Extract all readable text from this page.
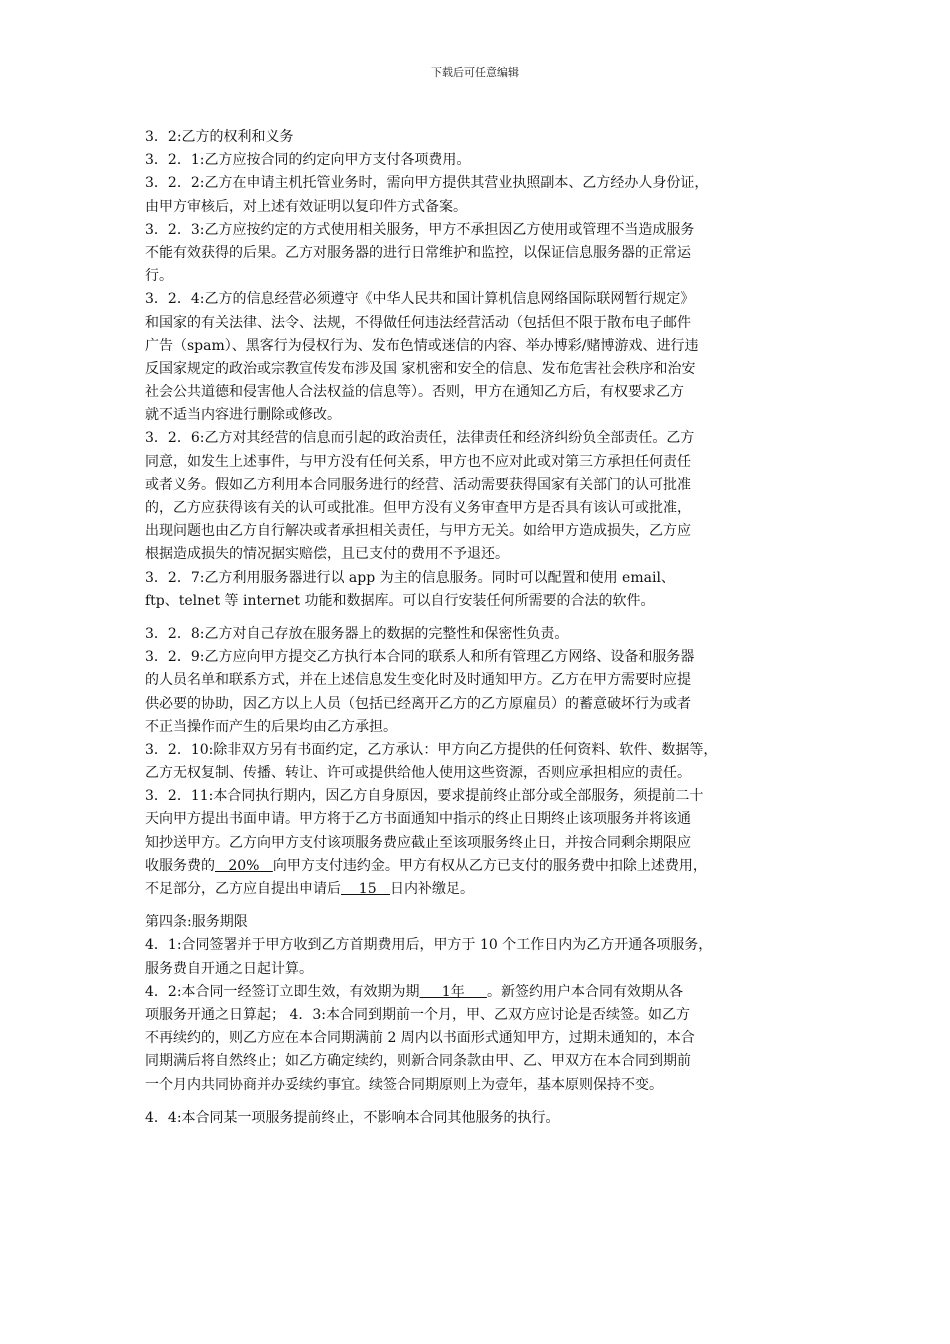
下载后可任意编辑
3．2:乙方的权利和义务
3．2．1:乙方应按合同的约定向甲方支付各项费用。
3．2．2:乙方在申请主机托管业务时，需向甲方提供其营业执照副本、乙方经办人身份证，
由甲方审核后，对上述有效证明以复印件方式备案。
3．2．3:乙方应按约定的方式使用相关服务，甲方不承担因乙方使用或管理不当造成服务
不能有效获得的后果。乙方对服务器的进行日常维护和监控，以保证信息服务器的正常运
行。
3．2．4:乙方的信息经营必须遵守《中华人民共和国计算机信息网络国际联网暂行规定》
和国家的有关法律、法令、法规，不得做任何违法经营活动（包括但不限于散布电子邮件
广告（spam）、黑客行为侵权行为、发布色情或迷信的内容、举办博彩/赌博游戏、进行违
反国家规定的政治或宗教宣传发布涉及国 家机密和安全的信息、发布危害社会秩序和治安
社会公共道德和侵害他人合法权益的信息等）。否则，甲方在通知乙方后，有权要求乙方
就不适当内容进行删除或修改。
3．2．6:乙方对其经营的信息而引起的政治责任，法律责任和经济纠纷负全部责任。乙方
同意，如发生上述事件，与甲方没有任何关系，甲方也不应对此或对第三方承担任何责任
或者义务。假如乙方利用本合同服务进行的经营、活动需要获得国家有关部门的认可批准
的，乙方应获得该有关的认可或批准。但甲方没有义务审查甲方是否具有该认可或批准，
出现问题也由乙方自行解决或者承担相关责任，与甲方无关。如给甲方造成损失，乙方应
根据造成损失的情况据实赔偿，且已支付的费用不予退还。
3．2．7:乙方利用服务器进行以 app 为主的信息服务。同时可以配置和使用 email、
ftp、telnet 等 internet 功能和数据库。可以自行安装任何所需要的合法的软件。
3．2．8:乙方对自己存放在服务器上的数据的完整性和保密性负责。
3．2．9:乙方应向甲方提交乙方执行本合同的联系人和所有管理乙方网络、设备和服务器
的人员名单和联系方式，并在上述信息发生变化时及时通知甲方。乙方在甲方需要时应提
供必要的协助，因乙方以上人员（包括已经离开乙方的乙方原雇员）的蓄意破坏行为或者
不正当操作而产生的后果均由乙方承担。
3．2．10:除非双方另有书面约定，乙方承认：甲方向乙方提供的任何资料、软件、数据等，
乙方无权复制、传播、转让、许可或提供给他人使用这些资源，否则应承担相应的责任。
3．2．11:本合同执行期内，因乙方自身原因，要求提前终止部分或全部服务，须提前二十
天向甲方提出书面申请。甲方将于乙方书面通知中指示的终止日期终止该项服务并将该通
知抄送甲方。乙方向甲方支付该项服务费应截止至该项服务终止日，并按合同剩余期限应
收服务费的   20%   向甲方支付违约金。甲方有权从乙方已支付的服务费中扣除上述费用，
不足部分，乙方应自提出申请后    15   日内补缴足。
第四条:服务期限
4．1:合同签署并于甲方收到乙方首期费用后，甲方于 10 个工作日内为乙方开通各项服务，
服务费自开通之日起计算。
4．2:本合同一经签订立即生效，有效期为期     1年     。新签约用户本合同有效期从各
项服务开通之日算起； 4．3:本合同到期前一个月，甲、乙双方应讨论是否续签。如乙方
不再续约的，则乙方应在本合同期满前 2 周内以书面形式通知甲方，过期未通知的，本合
同期满后将自然终止；如乙方确定续约，则新合同条款由甲、乙、甲双方在本合同到期前
一个月内共同协商并办妥续约事宜。续签合同期原则上为壹年，基本原则保持不变。
4．4:本合同某一项服务提前终止，不影响本合同其他服务的执行。
